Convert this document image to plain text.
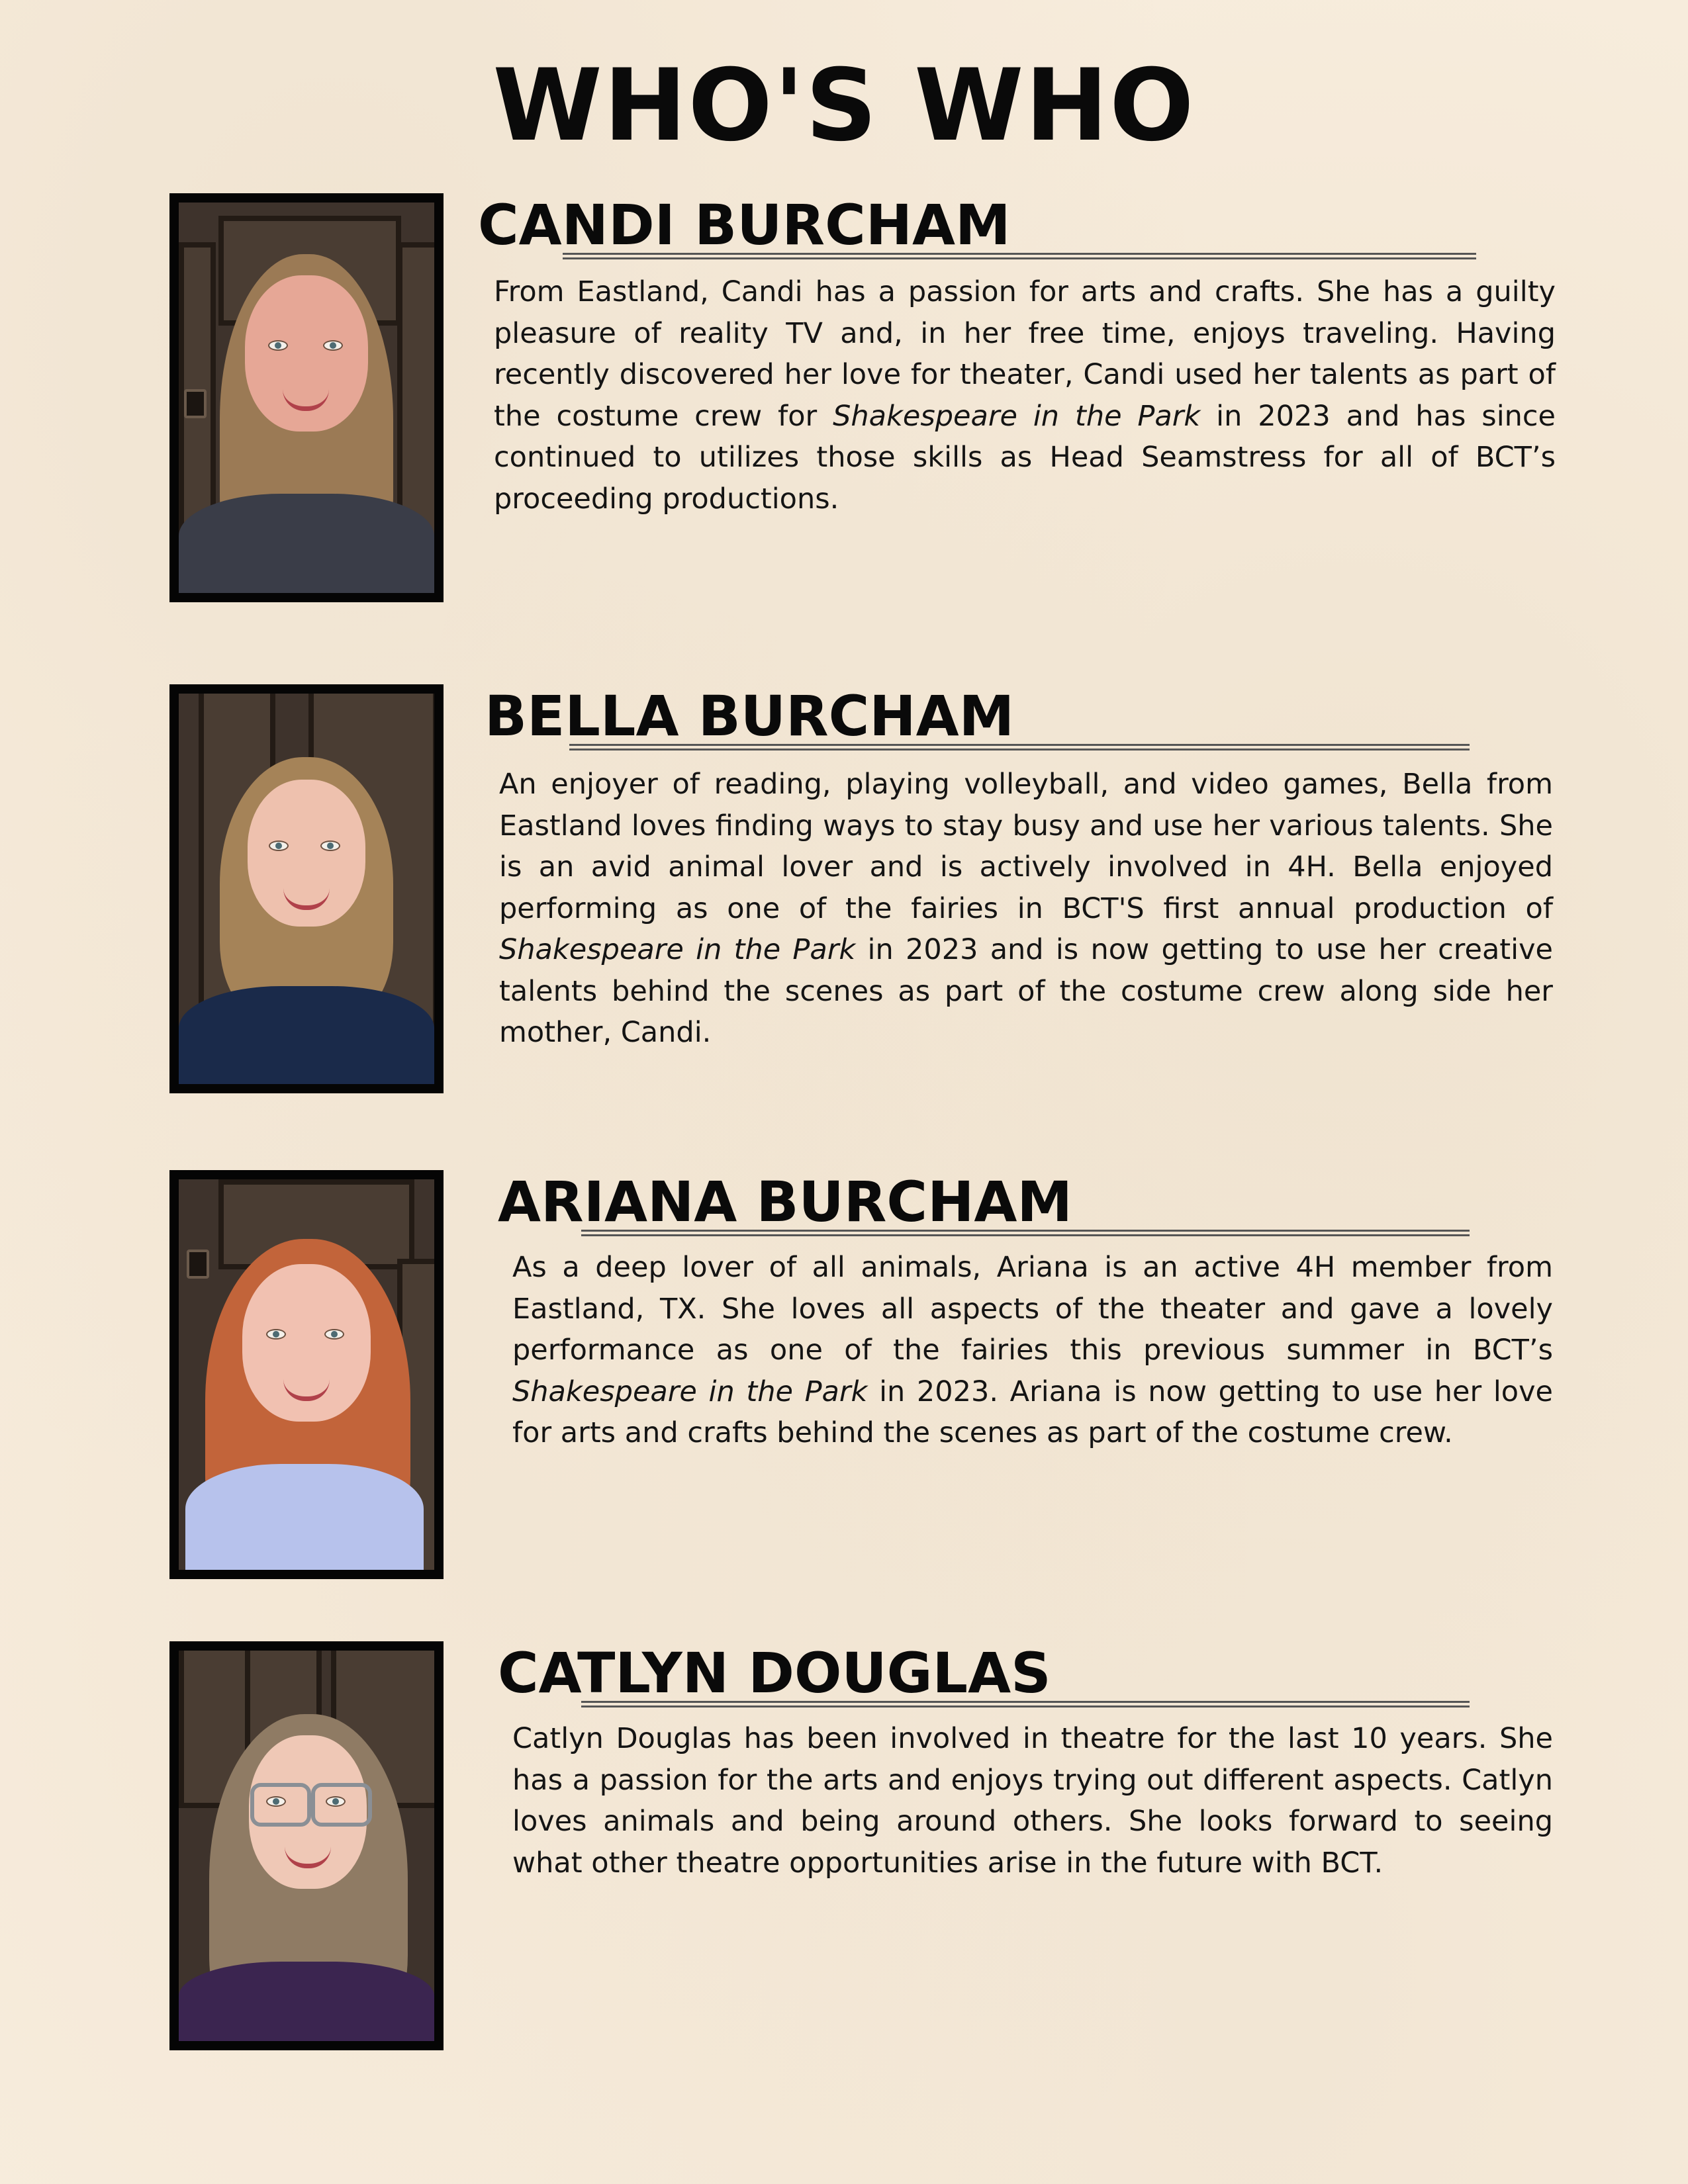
WHO'S WHO
CANDI BURCHAM

From Eastland, Candi has a passion for arts and crafts. She has a guilty pleasure of reality TV and, in her free time, enjoys traveling. Having recently discovered her love for theater, Candi used her talents as part of the costume crew for Shakespeare in the Park in 2023 and has since continued to utilizes those skills as Head Seamstress for all of BCT’s proceeding productions.

BELLA BURCHAM

An enjoyer of reading, playing volleyball, and video games, Bella from Eastland loves finding ways to stay busy and use her various talents. She is an avid animal lover and is actively involved in 4H. Bella enjoyed performing as one of the fairies in BCT'S first annual production of Shakespeare in the Park in 2023 and is now getting to use her creative talents behind the scenes as part of the costume crew along side her mother, Candi.

ARIANA BURCHAM

As a deep lover of all animals, Ariana is an active 4H member from Eastland, TX. She loves all aspects of the theater and gave a lovely performance as one of the fairies this previous summer in BCT’s Shakespeare in the Park in 2023. Ariana is now getting to use her love for arts and crafts behind the scenes as part of the costume crew.

CATLYN DOUGLAS

Catlyn Douglas has been involved in theatre for the last 10 years. She has a passion for the arts and enjoys trying out different aspects. Catlyn loves animals and being around others. She looks forward to seeing what other theatre opportunities arise in the future with BCT.
